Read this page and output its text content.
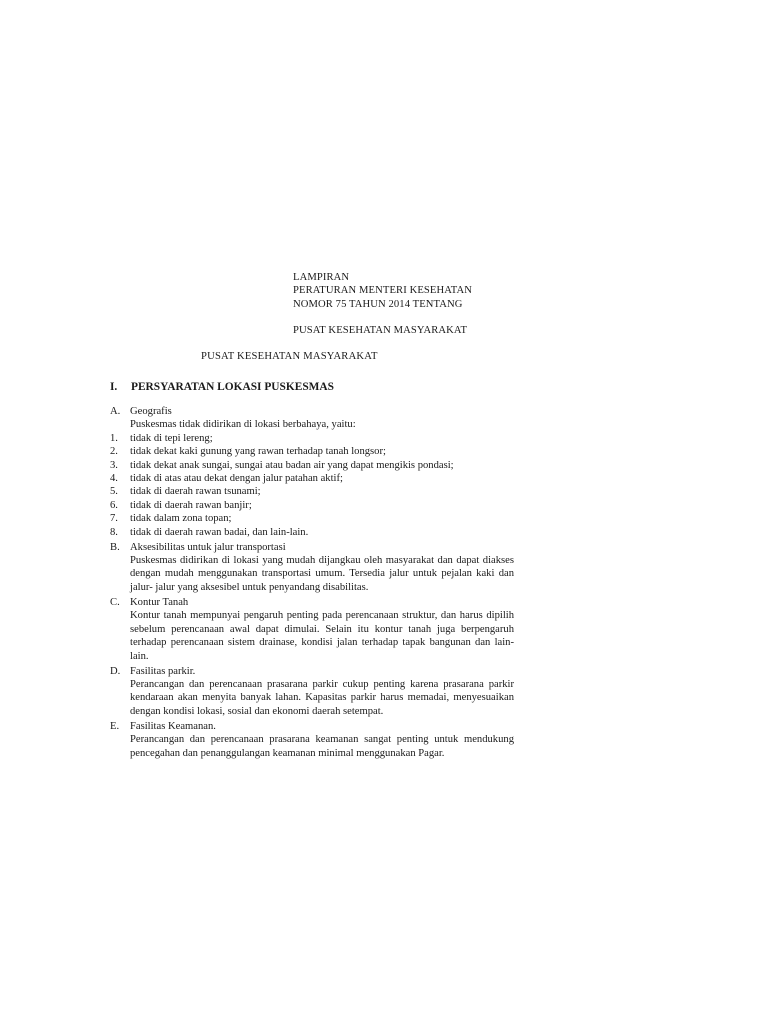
LAMPIRAN
PERATURAN MENTERI KESEHATAN
NOMOR 75 TAHUN 2014 TENTANG
PUSAT KESEHATAN MASYARAKAT
PUSAT KESEHATAN MASYARAKAT
I. PERSYARATAN LOKASI PUSKESMAS
A. Geografis
Puskesmas tidak didirikan di lokasi berbahaya, yaitu:
1. tidak di tepi lereng;
2. tidak dekat kaki gunung yang rawan terhadap tanah longsor;
3. tidak dekat anak sungai, sungai atau badan air yang dapat mengikis pondasi;
4. tidak di atas atau dekat dengan jalur patahan aktif;
5. tidak di daerah rawan tsunami;
6. tidak di daerah rawan banjir;
7. tidak dalam zona topan;
8. tidak di daerah rawan badai, dan lain-lain.
B. Aksesibilitas untuk jalur transportasi
Puskesmas didirikan di lokasi yang mudah dijangkau oleh masyarakat dan dapat diakses dengan mudah menggunakan transportasi umum. Tersedia jalur untuk pejalan kaki dan jalur- jalur yang aksesibel untuk penyandang disabilitas.
C. Kontur Tanah
Kontur tanah mempunyai pengaruh penting pada perencanaan struktur, dan harus dipilih sebelum perencanaan awal dapat dimulai. Selain itu kontur tanah juga berpengaruh terhadap perencanaan sistem drainase, kondisi jalan terhadap tapak bangunan dan lain-lain.
D. Fasilitas parkir.
Perancangan dan perencanaan prasarana parkir cukup penting karena prasarana parkir kendaraan akan menyita banyak lahan. Kapasitas parkir harus memadai, menyesuaikan dengan kondisi lokasi, sosial dan ekonomi daerah setempat.
E. Fasilitas Keamanan.
Perancangan dan perencanaan prasarana keamanan sangat penting untuk mendukung pencegahan dan penanggulangan keamanan minimal menggunakan Pagar.
